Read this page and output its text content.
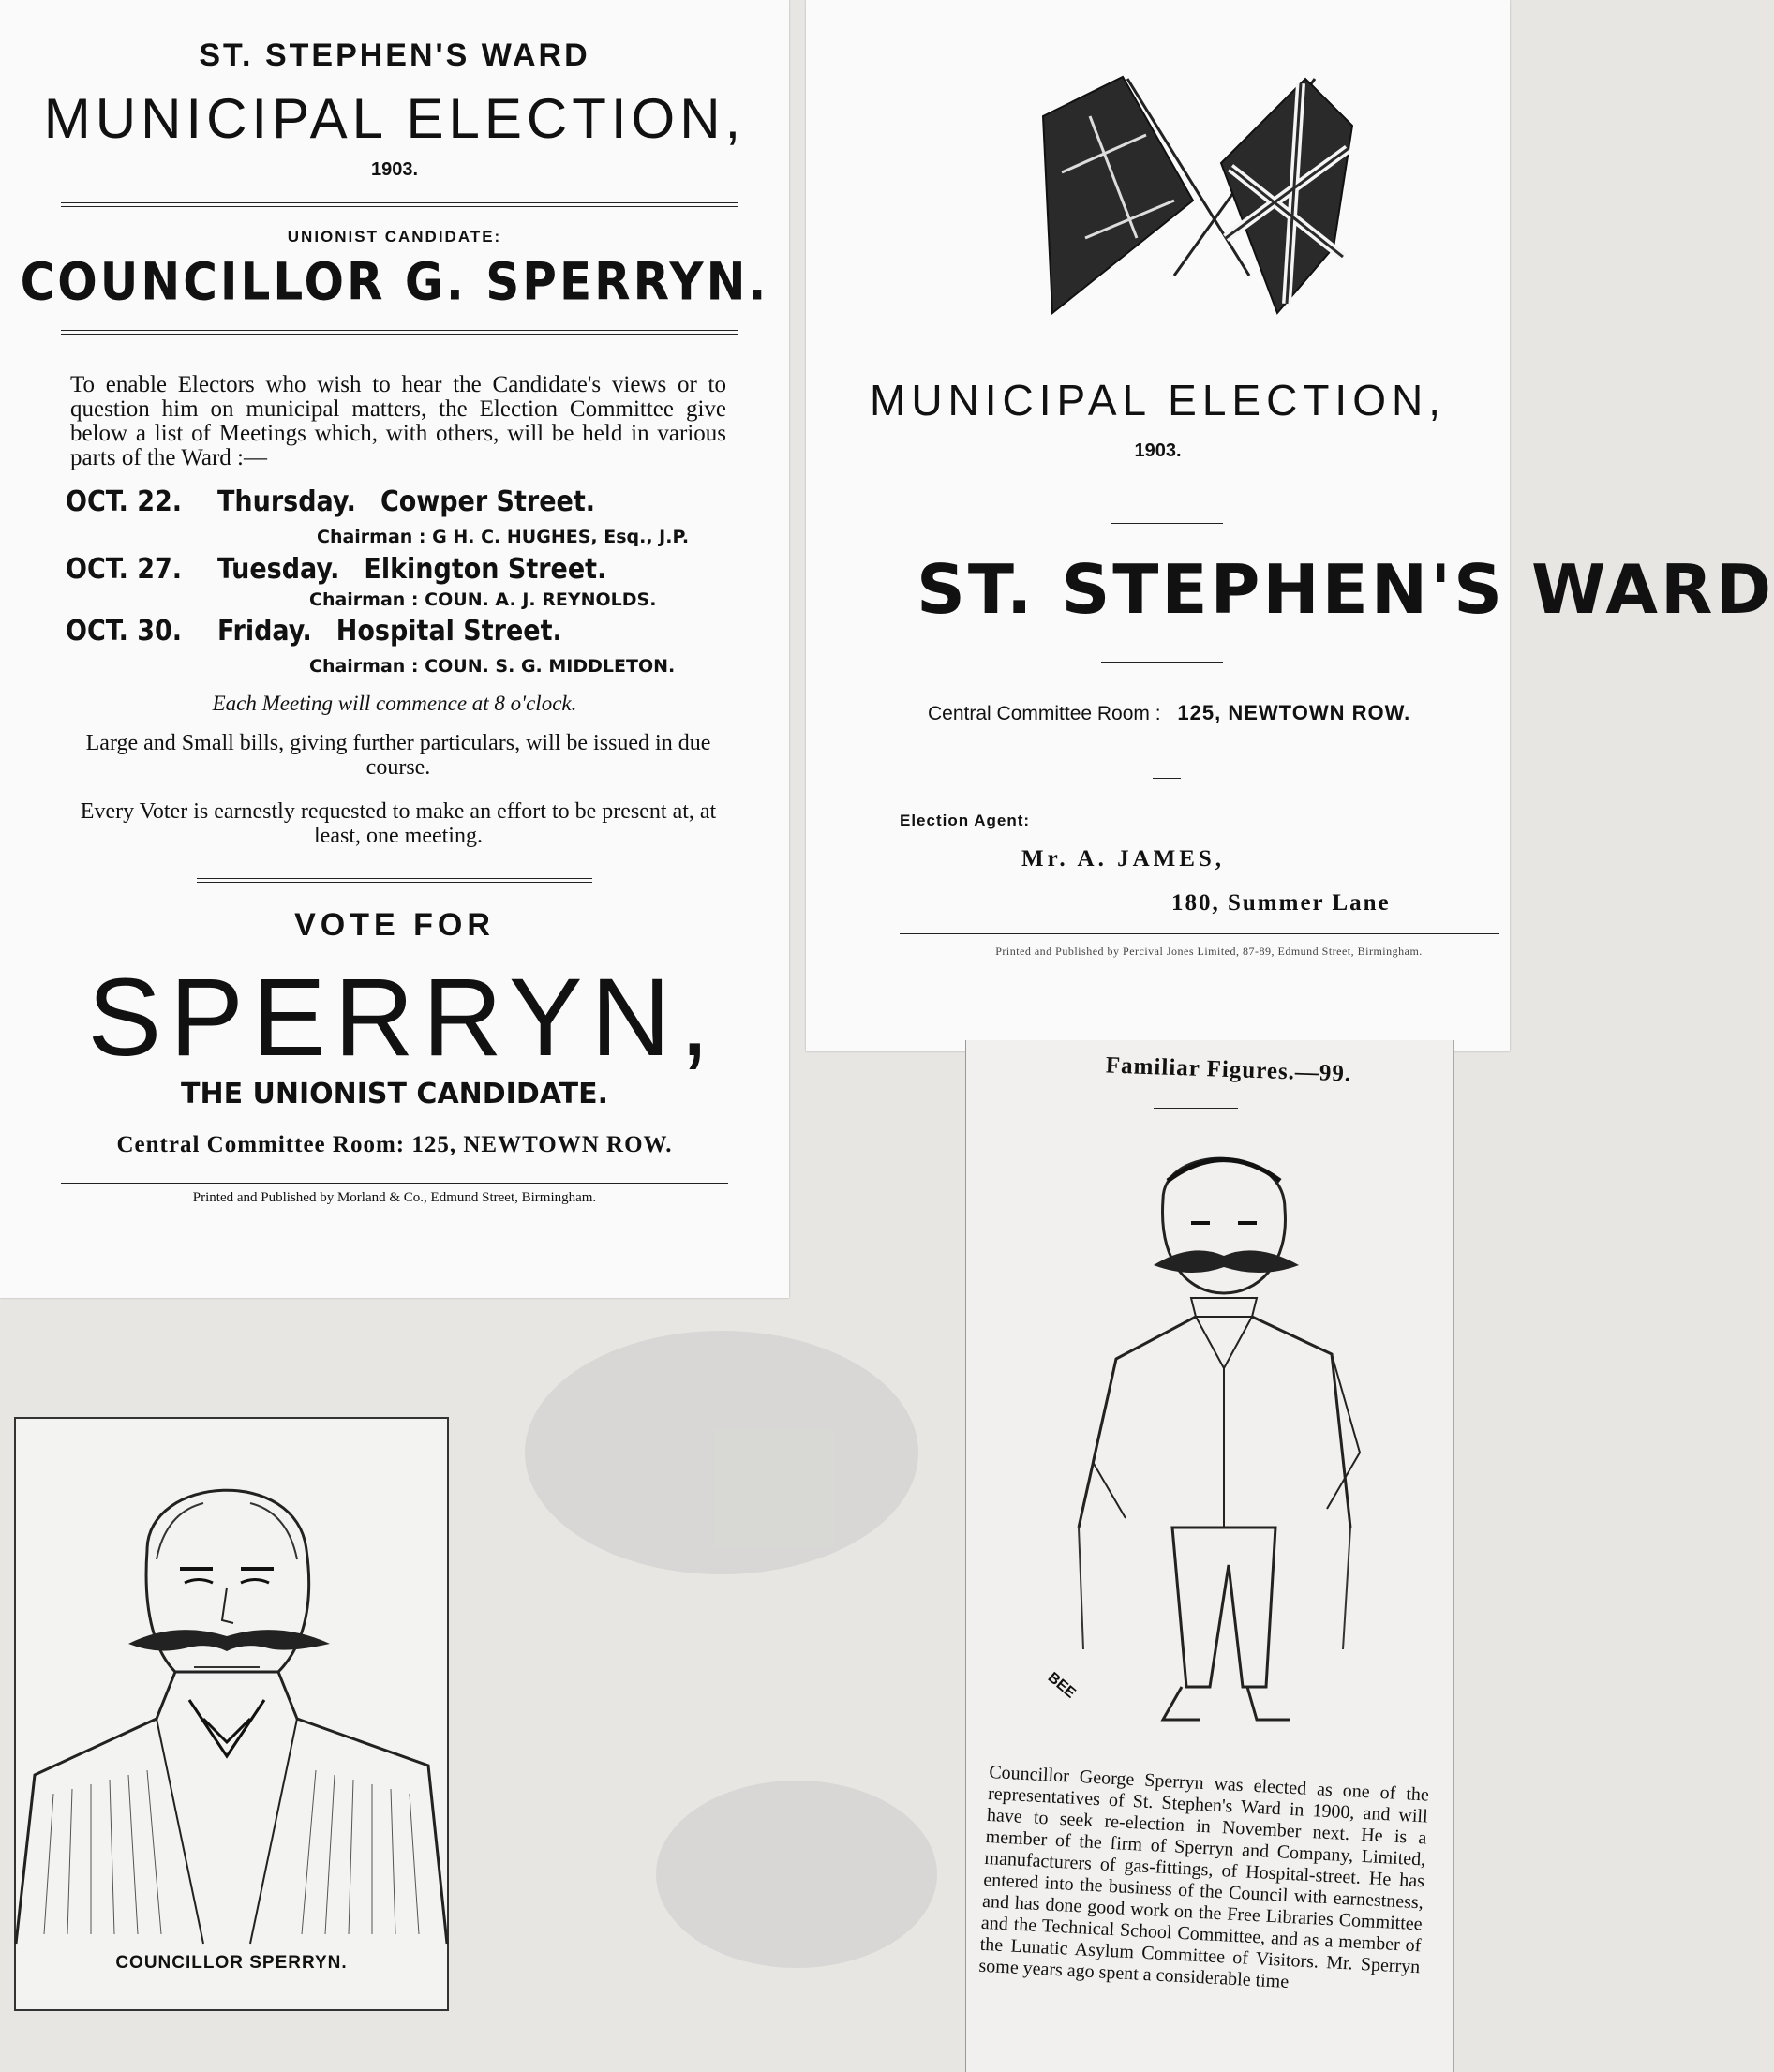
ST. STEPHEN'S WARD
MUNICIPAL ELECTION,
1903.
UNIONIST CANDIDATE:
COUNCILLOR G. SPERRYN.
To enable Electors who wish to hear the Candidate's views or to question him on municipal matters, the Election Committee give below a list of Meetings which, with others, will be held in various parts of the Ward :—
OCT. 22. Thursday. Cowper Street.
Chairman : G H. C. HUGHES, Esq., J.P.
OCT. 27. Tuesday. Elkington Street.
Chairman : COUN. A. J. REYNOLDS.
OCT. 30. Friday. Hospital Street.
Chairman : COUN. S. G. MIDDLETON.
Each Meeting will commence at 8 o'clock.
Large and Small bills, giving further particulars, will be issued in due course.
Every Voter is earnestly requested to make an effort to be present at, at least, one meeting.
VOTE FOR
SPERRYN,
THE UNIONIST CANDIDATE.
Central Committee Room: 125, NEWTOWN ROW.
Printed and Published by Morland & Co., Edmund Street, Birmingham.
MUNICIPAL ELECTION,
1903.
ST. STEPHEN'S WARD
Central Committee Room : 125, NEWTOWN ROW.
Election Agent:
Mr. A. JAMES,
180, Summer Lane
Printed and Published by Percival Jones Limited, 87-89, Edmund Street, Birmingham.
COUNCILLOR SPERRYN.
Familiar Figures.—99.
BEE
Councillor George Sperryn was elected as one of the representatives of St. Stephen's Ward in 1900, and will have to seek re-election in November next. He is a member of the firm of Sperryn and Company, Limited, manufacturers of gas-fittings, of Hospital-street. He has entered into the business of the Council with earnestness, and has done good work on the Free Libraries Committee and the Technical School Committee, and as a member of the Lunatic Asylum Committee of Visitors. Mr. Sperryn some years ago spent a considerable time
